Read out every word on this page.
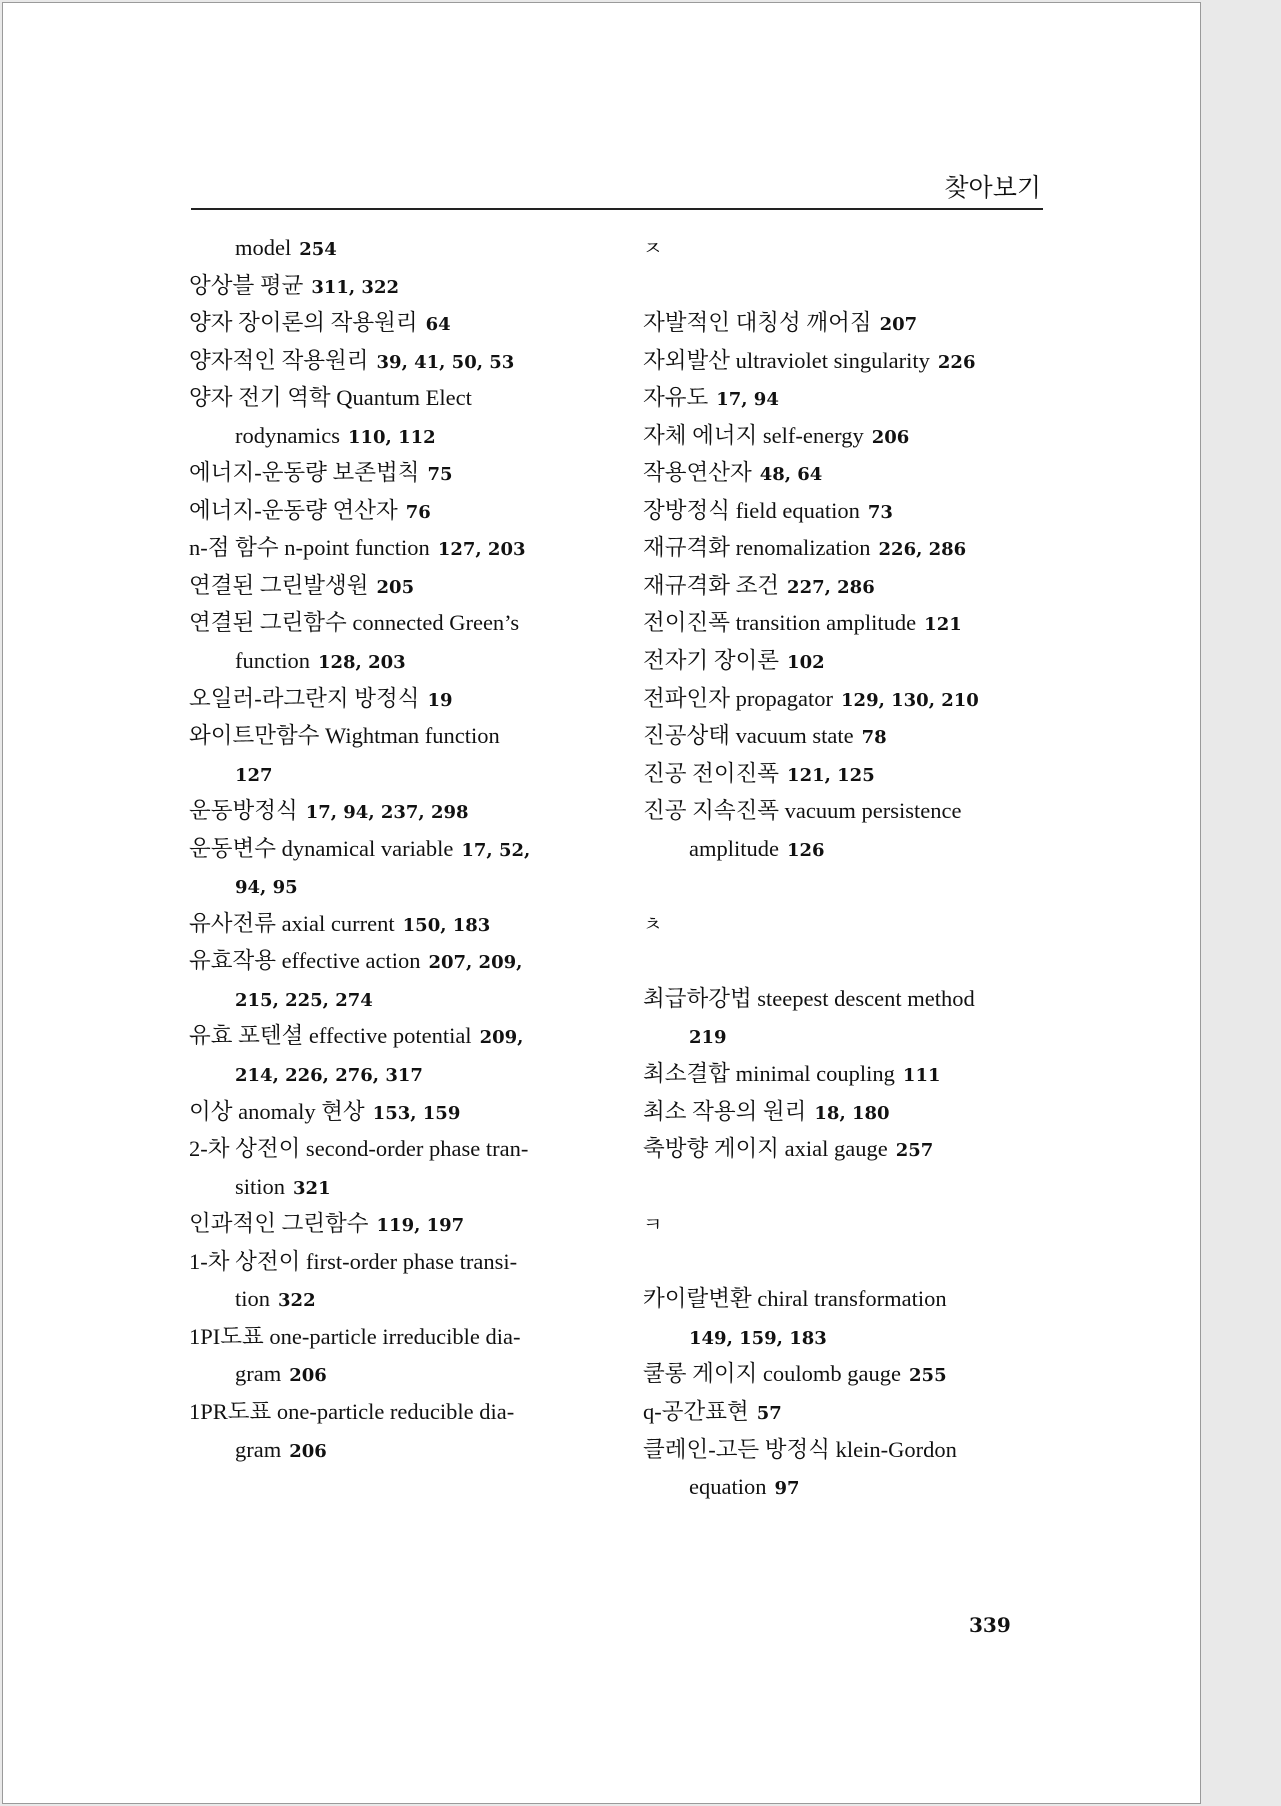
찾아보기
model 254
앙상블 평균 311, 322
양자 장이론의 작용원리 64
양자적인 작용원리 39, 41, 50, 53
양자 전기 역학 Quantum Elect
rodynamics 110, 112
에너지-운동량 보존법칙 75
에너지-운동량 연산자 76
n-점 함수 n-point function 127, 203
연결된 그린발생원 205
연결된 그린함수 connected Green’s
function 128, 203
오일러-라그란지 방정식 19
와이트만함수 Wightman function
127
운동방정식 17, 94, 237, 298
운동변수 dynamical variable 17, 52,
94, 95
유사전류 axial current 150, 183
유효작용 effective action 207, 209,
215, 225, 274
유효 포텐셜 effective potential 209,
214, 226, 276, 317
이상 anomaly 현상 153, 159
2-차 상전이 second-order phase tran-
sition 321
인과적인 그린함수 119, 197
1-차 상전이 first-order phase transi-
tion 322
1PI도표 one-particle irreducible dia-
gram 206
1PR도표 one-particle reducible dia-
gram 206
ㅈ
자발적인 대칭성 깨어짐 207
자외발산 ultraviolet singularity 226
자유도 17, 94
자체 에너지 self-energy 206
작용연산자 48, 64
장방정식 field equation 73
재규격화 renomalization 226, 286
재규격화 조건 227, 286
전이진폭 transition amplitude 121
전자기 장이론 102
전파인자 propagator 129, 130, 210
진공상태 vacuum state 78
진공 전이진폭 121, 125
진공 지속진폭 vacuum persistence
amplitude 126
ㅊ
최급하강법 steepest descent method
219
최소결합 minimal coupling 111
최소 작용의 원리 18, 180
축방향 게이지 axial gauge 257
ㅋ
카이랄변환 chiral transformation
149, 159, 183
쿨롱 게이지 coulomb gauge 255
q-공간표현 57
클레인-고든 방정식 klein-Gordon
equation 97
339
